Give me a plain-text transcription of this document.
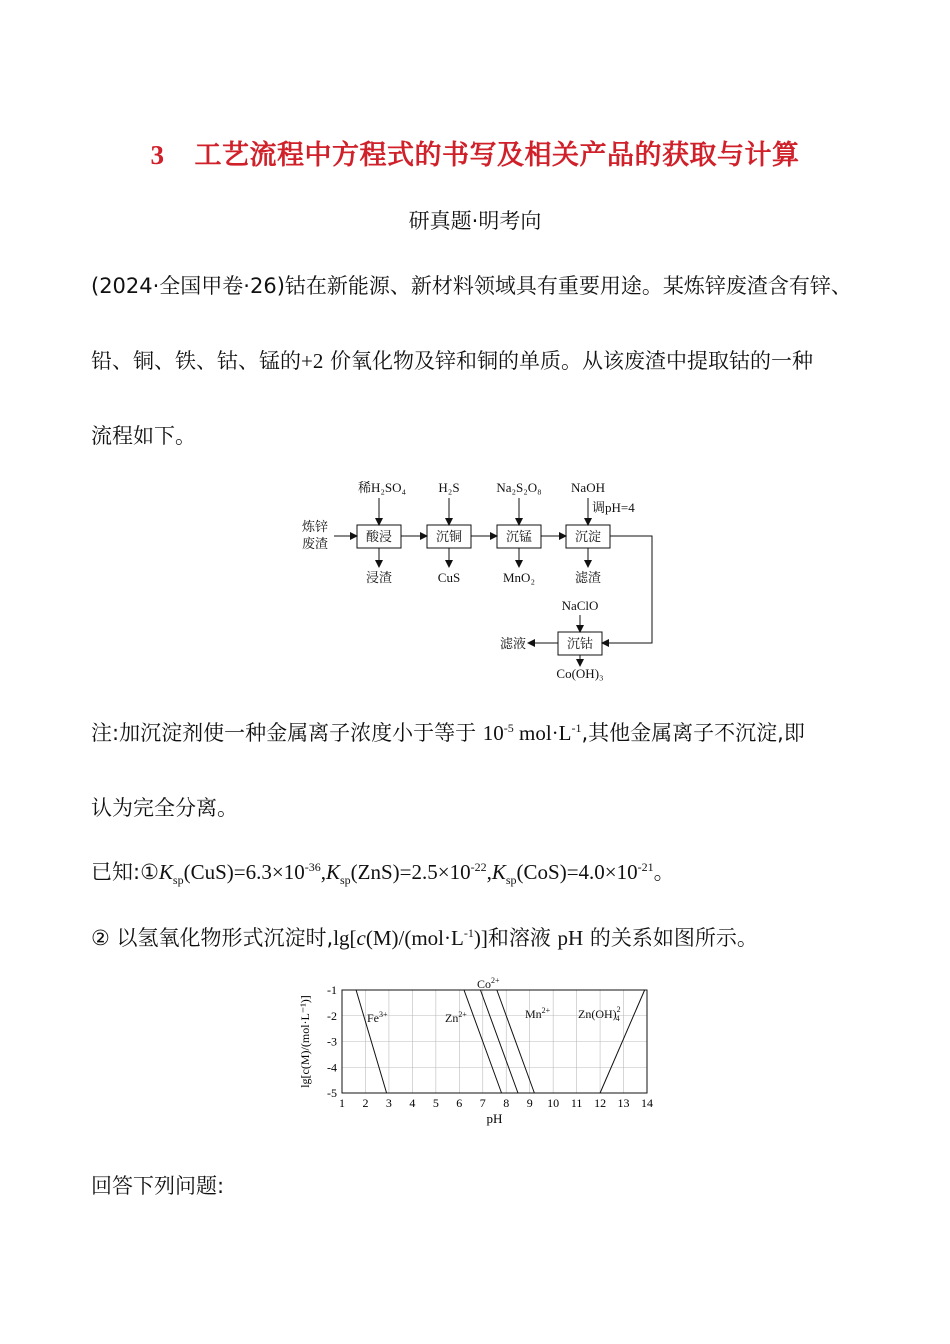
3 工艺流程中方程式的书写及相关产品的获取与计算
研真题·明考向
(2024·全国甲卷·26)钴在新能源、新材料领域具有重要用途。某炼锌废渣含有锌、
铅、铜、铁、钴、锰的+2 价氧化物及锌和铜的单质。从该废渣中提取钴的一种
流程如下。
炼锌
废渣	酸浸	沉铜	沉锰	沉淀
沉钴
稀H₂SO₄ H₂S	Na₂S₂O₈ NaOH
调pH=4
NaClO
浸渣	CuS	MnO₂	滤渣
滤液
Co(OH)₃
注:加沉淀剂使一种金属离子浓度小于等于 $10^{-5}$ $mol\cdot L^{-1}$,其他金属离子不沉淀,即
认为完全分离。
已知$:①K_{sp}(CuS)=6.3\times 10^{-36},K_{sp}(ZnS)=2.5\times 10^{-22},K_{sp}(CoS)=4.0\times 10^{-21}$。
② 以氢氧化物形式沉淀时$,\lg[c(M)/(mol\cdot L^{-1})]$和溶液 pH 的关系如图所示。
1 2 3 4 5 6 7 8 9 10 11 12 13 14
-1
-2
-3
-4
-5
pH
lg[c(M)/(mol·L⁻¹)]	$Fe^{3+}$	$Zn^{2+}$
$Co^{2+}$
$Mn^{2+}$ Zn(OH)$^2$ 4
回答下列问题:
